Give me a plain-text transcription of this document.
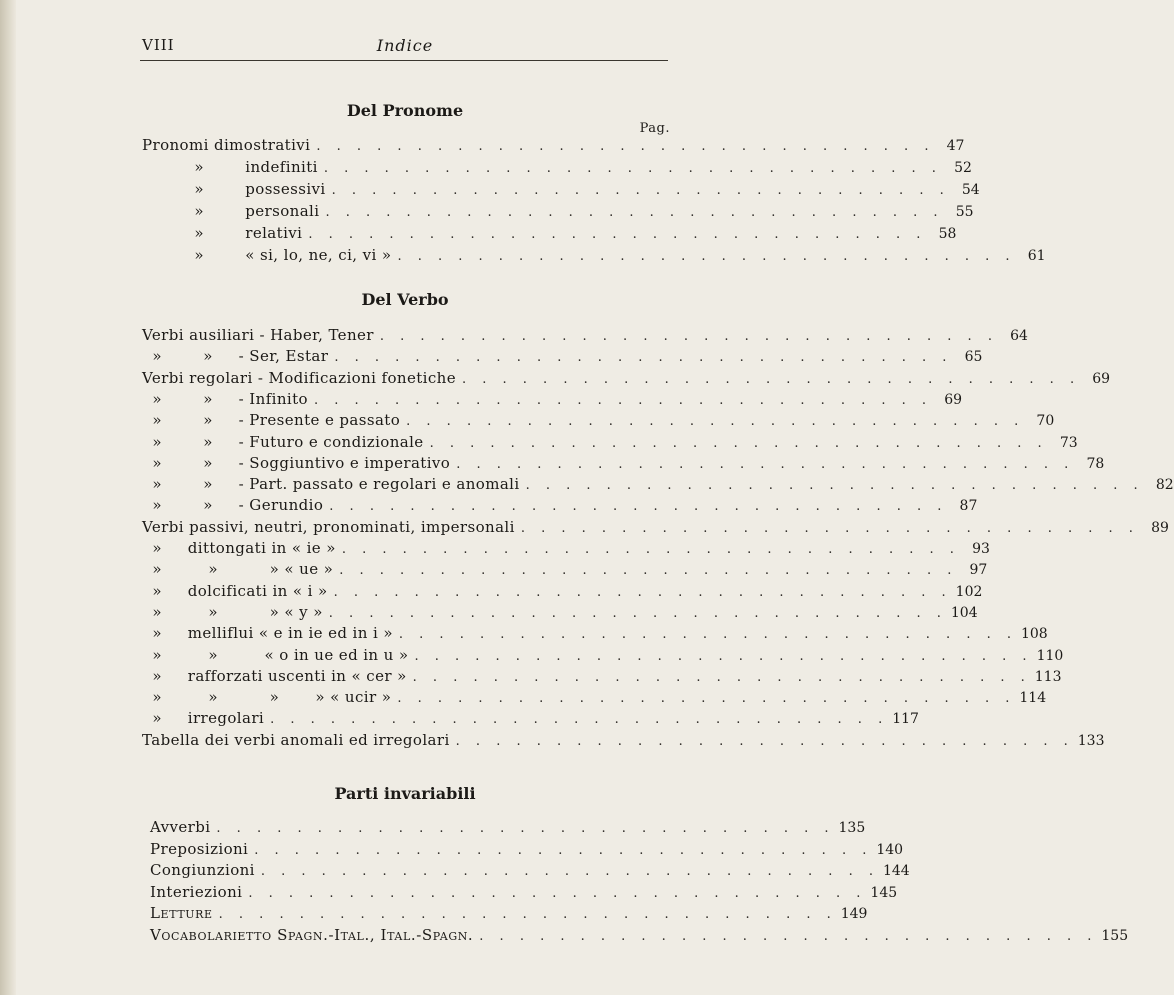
VIII	Indice
Del Pronome
Pag.
Del Verbo
Parti invariabili
Pronomi dimostrativi . . . . . . . . . . . . . . . . . . . . . . . . . . . . . . . 47
»        indefiniti . . . . . . . . . . . . . . . . . . . . . . . . . . . . . . . 52
»        possessivi . . . . . . . . . . . . . . . . . . . . . . . . . . . . . . . 54
»        personali . . . . . . . . . . . . . . . . . . . . . . . . . . . . . . . 55
»        relativi . . . . . . . . . . . . . . . . . . . . . . . . . . . . . . . 58
»        « si, lo, ne, ci, vi » . . . . . . . . . . . . . . . . . . . . . . . . . . . . . . . 61
Verbi ausiliari - Haber, Tener . . . . . . . . . . . . . . . . . . . . . . . . . . . . . . . 64
»        »     - Ser, Estar . . . . . . . . . . . . . . . . . . . . . . . . . . . . . . . 65
Verbi regolari - Modificazioni fonetiche . . . . . . . . . . . . . . . . . . . . . . . . . . . . . . . 69
»        »     - Infinito . . . . . . . . . . . . . . . . . . . . . . . . . . . . . . . 69
»        »     - Presente e passato . . . . . . . . . . . . . . . . . . . . . . . . . . . . . . . 70
»        »     - Futuro e condizionale . . . . . . . . . . . . . . . . . . . . . . . . . . . . . . . 73
»        »     - Soggiuntivo e imperativo . . . . . . . . . . . . . . . . . . . . . . . . . . . . . . . 78
»        »     - Part. passato e regolari e anomali . . . . . . . . . . . . . . . . . . . . . . . . . . . . . . . 82
»        »     - Gerundio . . . . . . . . . . . . . . . . . . . . . . . . . . . . . . . 87
Verbi passivi, neutri, pronominati, impersonali . . . . . . . . . . . . . . . . . . . . . . . . . . . . . . . 89
»     dittongati in « ie » . . . . . . . . . . . . . . . . . . . . . . . . . . . . . . . 93
»         »          » « ue » . . . . . . . . . . . . . . . . . . . . . . . . . . . . . . . 97
»     dolcificati in « i » . . . . . . . . . . . . . . . . . . . . . . . . . . . . . . . 102
»         »          » « y » . . . . . . . . . . . . . . . . . . . . . . . . . . . . . . . 104
»     melliflui « e in ie ed in i » . . . . . . . . . . . . . . . . . . . . . . . . . . . . . . . 108
»         »         « o in ue ed in u » . . . . . . . . . . . . . . . . . . . . . . . . . . . . . . . 110
»     rafforzati uscenti in « cer » . . . . . . . . . . . . . . . . . . . . . . . . . . . . . . . 113
»         »          »       » « ucir » . . . . . . . . . . . . . . . . . . . . . . . . . . . . . . . 114
»     irregolari . . . . . . . . . . . . . . . . . . . . . . . . . . . . . . . 117
Tabella dei verbi anomali ed irregolari . . . . . . . . . . . . . . . . . . . . . . . . . . . . . . . 133
Avverbi . . . . . . . . . . . . . . . . . . . . . . . . . . . . . . . 135
Preposizioni . . . . . . . . . . . . . . . . . . . . . . . . . . . . . . . 140
Congiunzioni . . . . . . . . . . . . . . . . . . . . . . . . . . . . . . . 144
Interiezioni . . . . . . . . . . . . . . . . . . . . . . . . . . . . . . . 145
Letture . . . . . . . . . . . . . . . . . . . . . . . . . . . . . . . 149
Vocabolarietto Spagn.-Ital., Ital.-Spagn. . . . . . . . . . . . . . . . . . . . . . . . . . . . . . . . 155
